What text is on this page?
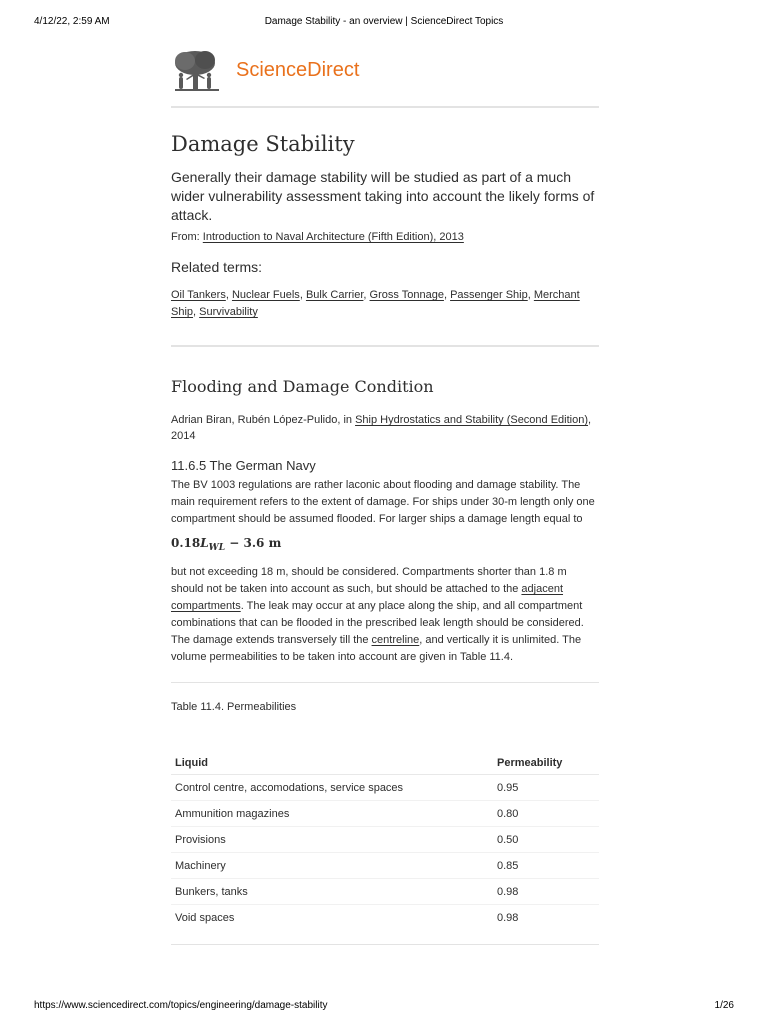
4/12/22, 2:59 AM	Damage Stability - an overview | ScienceDirect Topics
ScienceDirect
Damage Stability

Generally their damage stability will be studied as part of a much wider vulnerability assessment taking into account the likely forms of attack.

From: Introduction to Naval Architecture (Fifth Edition), 2013

Related terms:
Oil Tankers, Nuclear Fuels, Bulk Carrier, Gross Tonnage, Passenger Ship, Merchant Ship, Survivability
Flooding and Damage Condition

Adrian Biran, Rubén López-Pulido, in Ship Hydrostatics and Stability (Second Edition), 2014

11.6.5 The German Navy

The BV 1003 regulations are rather laconic about flooding and damage stability. The main requirement refers to the extent of damage. For ships under 30-m length only one compartment should be assumed flooded. For larger ships a damage length equal to

$0.18L_{WL} - 3.6$ m

but not exceeding 18 m, should be considered. Compartments shorter than 1.8 m should not be taken into account as such, but should be attached to the adjacent compartments. The leak may occur at any place along the ship, and all compartment combinations that can be flooded in the prescribed leak length should be considered. The damage extends transversely till the centreline, and vertically it is unlimited. The volume permeabilities to be taken into account are given in Table 11.4.

Table 11.4. Permeabilities

Liquid	Permeability
Control centre, accomodations, service spaces	0.95
Ammunition magazines	0.80
Provisions	0.50
Machinery	0.85
Bunkers, tanks	0.98
Void spaces	0.98
https://www.sciencedirect.com/topics/engineering/damage-stability	1/26
